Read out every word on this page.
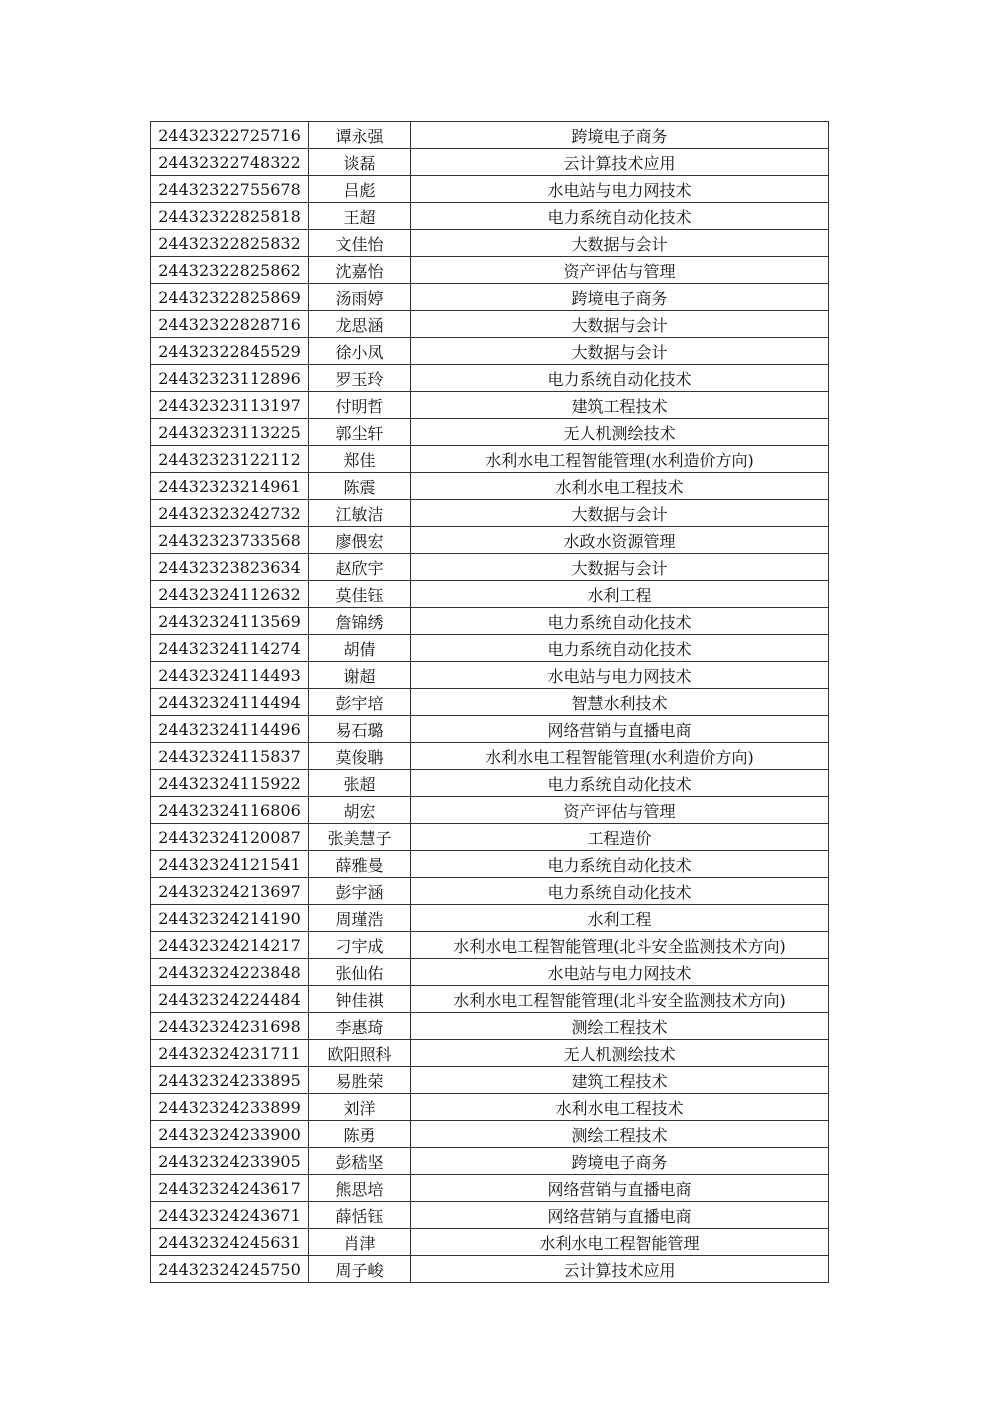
24432322725716	谭永强	跨境电子商务
24432322748322	谈磊	云计算技术应用
24432322755678	吕彪	水电站与电力网技术
24432322825818	王超	电力系统自动化技术
24432322825832	文佳怡	大数据与会计
24432322825862	沈嘉怡	资产评估与管理
24432322825869	汤雨婷	跨境电子商务
24432322828716	龙思涵	大数据与会计
24432322845529	徐小凤	大数据与会计
24432323112896	罗玉玲	电力系统自动化技术
24432323113197	付明哲	建筑工程技术
24432323113225	郭尘轩	无人机测绘技术
24432323122112	郑佳	水利水电工程智能管理(水利造价方向)
24432323214961	陈震	水利水电工程技术
24432323242732	江敏洁	大数据与会计
24432323733568	廖偎宏	水政水资源管理
24432323823634	赵欣宇	大数据与会计
24432324112632	莫佳钰	水利工程
24432324113569	詹锦绣	电力系统自动化技术
24432324114274	胡倩	电力系统自动化技术
24432324114493	谢超	水电站与电力网技术
24432324114494	彭宇培	智慧水利技术
24432324114496	易石璐	网络营销与直播电商
24432324115837	莫俊聃	水利水电工程智能管理(水利造价方向)
24432324115922	张超	电力系统自动化技术
24432324116806	胡宏	资产评估与管理
24432324120087	张美慧子	工程造价
24432324121541	薛雅曼	电力系统自动化技术
24432324213697	彭宇涵	电力系统自动化技术
24432324214190	周瑾浩	水利工程
24432324214217	刁宇成	水利水电工程智能管理(北斗安全监测技术方向)
24432324223848	张仙佑	水电站与电力网技术
24432324224484	钟佳祺	水利水电工程智能管理(北斗安全监测技术方向)
24432324231698	李惠琦	测绘工程技术
24432324231711	欧阳照科	无人机测绘技术
24432324233895	易胜荣	建筑工程技术
24432324233899	刘洋	水利水电工程技术
24432324233900	陈勇	测绘工程技术
24432324233905	彭嵇坚	跨境电子商务
24432324243617	熊思培	网络营销与直播电商
24432324243671	薛恬钰	网络营销与直播电商
24432324245631	肖津	水利水电工程智能管理
24432324245750	周子峻	云计算技术应用
